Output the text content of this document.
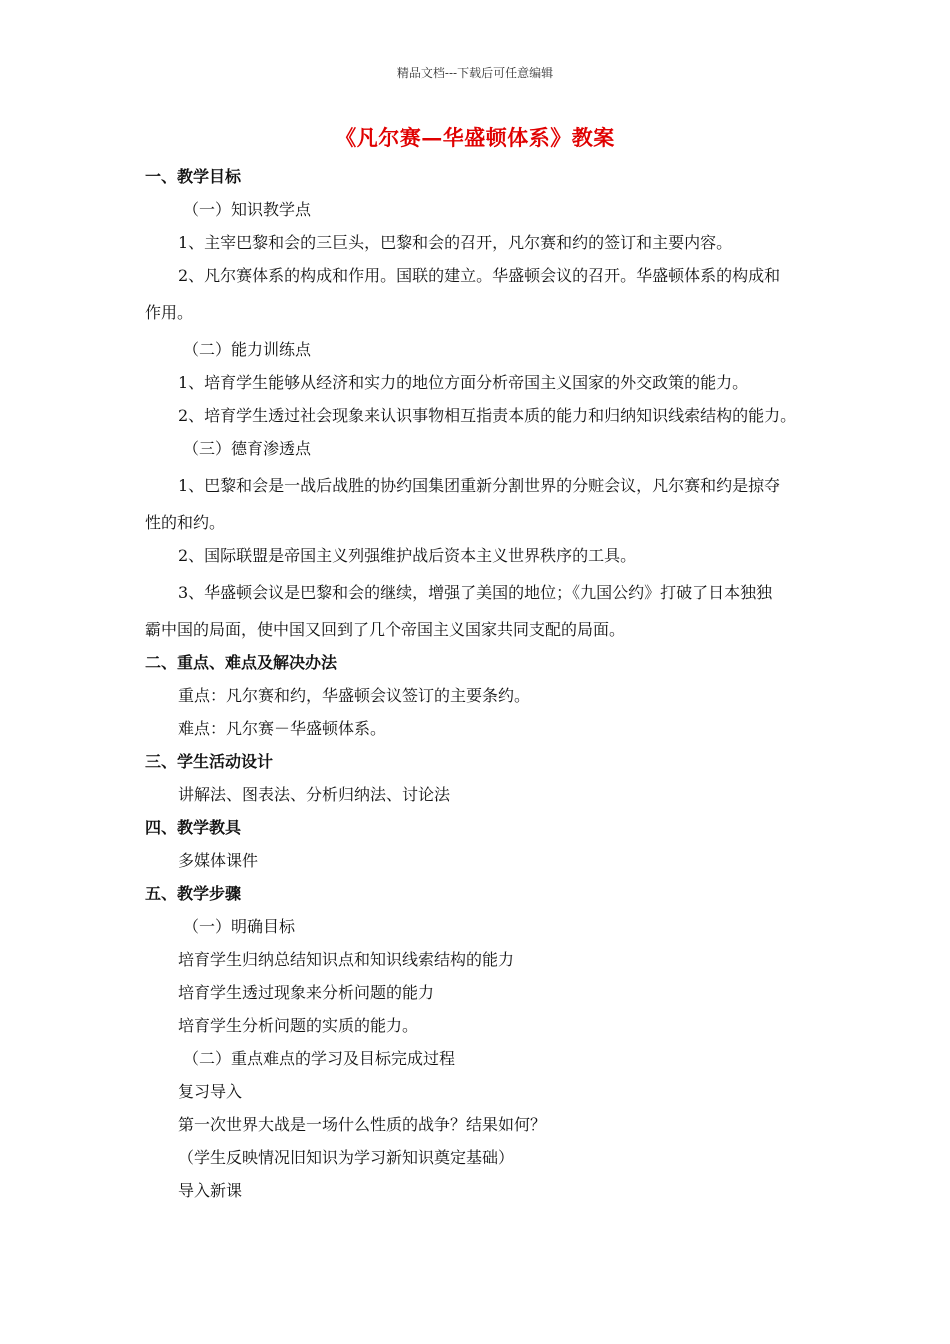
精品文档---下载后可任意编辑
《凡尔赛—华盛顿体系》教案
一、教学目标
（一）知识教学点
1、主宰巴黎和会的三巨头，巴黎和会的召开，凡尔赛和约的签订和主要内容。
2、凡尔赛体系的构成和作用。国联的建立。华盛顿会议的召开。华盛顿体系的构成和
作用。
（二）能力训练点
1、培育学生能够从经济和实力的地位方面分析帝国主义国家的外交政策的能力。
2、培育学生透过社会现象来认识事物相互指责本质的能力和归纳知识线索结构的能力。
（三）德育渗透点
1、巴黎和会是一战后战胜的协约国集团重新分割世界的分赃会议，凡尔赛和约是掠夺
性的和约。
2、国际联盟是帝国主义列强维护战后资本主义世界秩序的工具。
3、华盛顿会议是巴黎和会的继续，增强了美国的地位；《九国公约》打破了日本独独
霸中国的局面，使中国又回到了几个帝国主义国家共同支配的局面。
二、重点、难点及解决办法
重点：凡尔赛和约，华盛顿会议签订的主要条约。
难点：凡尔赛－华盛顿体系。
三、学生活动设计
讲解法、图表法、分析归纳法、讨论法
四、教学教具
多媒体课件
五、教学步骤
（一）明确目标
培育学生归纳总结知识点和知识线索结构的能力
培育学生透过现象来分析问题的能力
培育学生分析问题的实质的能力。
（二）重点难点的学习及目标完成过程
复习导入
第一次世界大战是一场什么性质的战争？结果如何？
（学生反映情况旧知识为学习新知识奠定基础）
导入新课
